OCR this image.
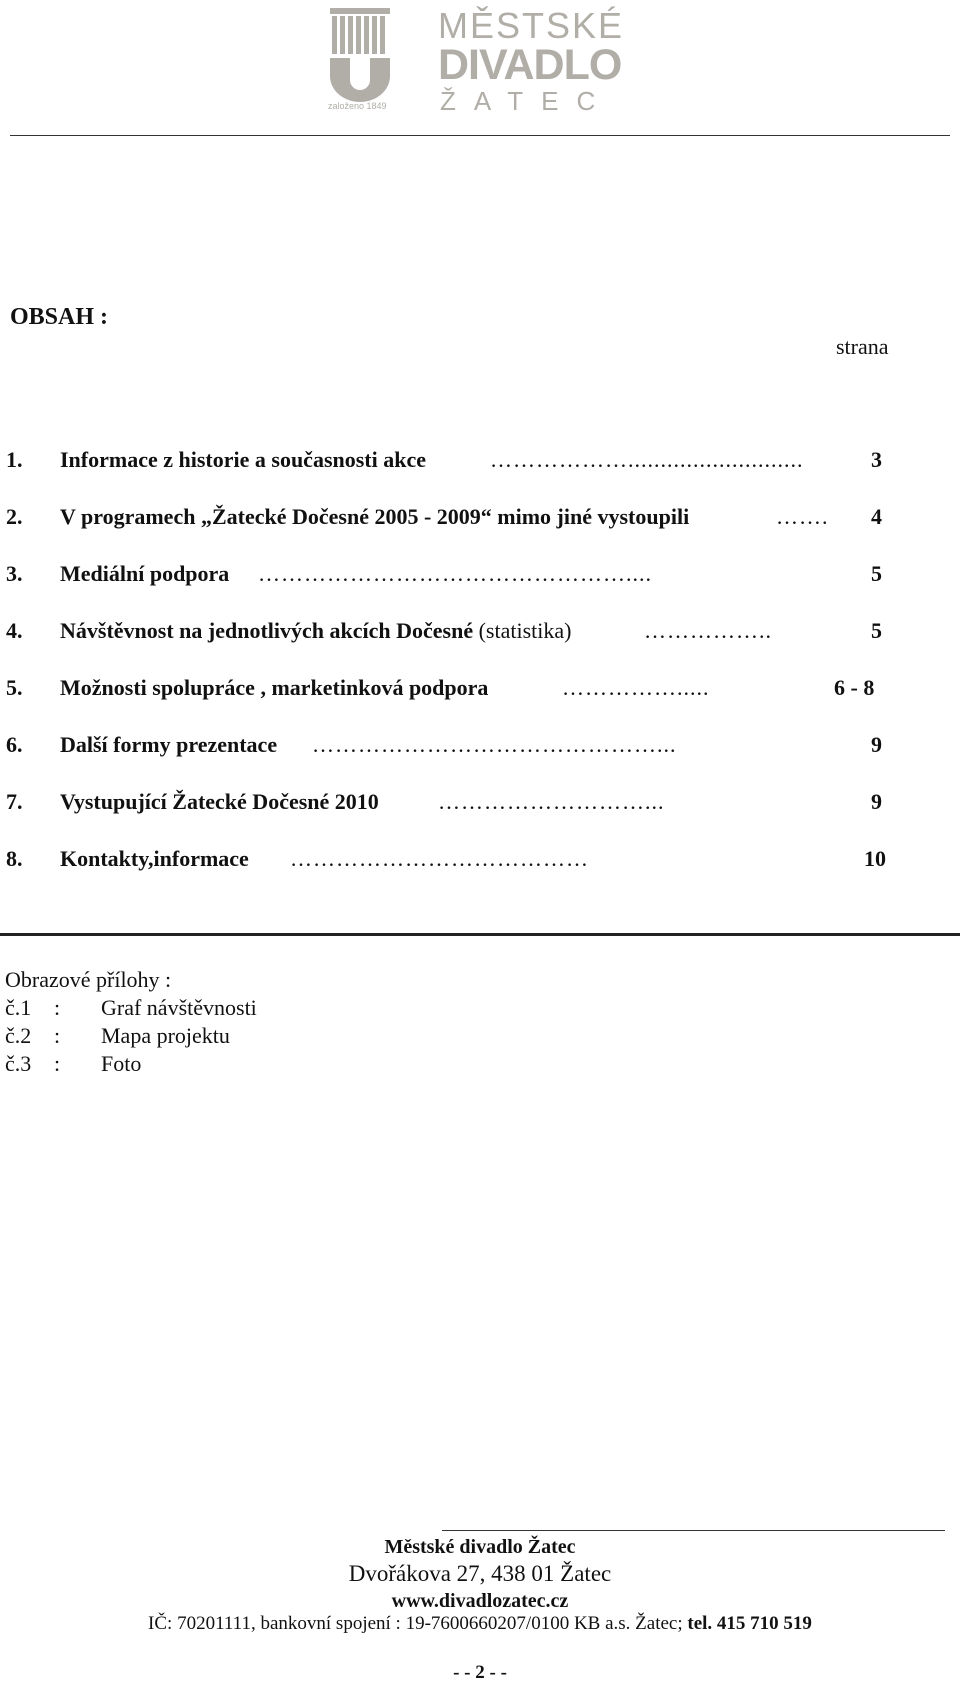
založeno 1849
MĚSTSKÉ
DIVADLO
ŽATEC
OBSAH :
strana
1. Informace z historie a současnosti akce	………………...........................	3
2. V programech „Žatecké Dočesné 2005 - 2009“ mimo jiné vystoupili	……. 4
3. Mediální podpora …………………………………………....	5
4. Návštěvnost na jednotlivých akcích Dočesné (statistika)	……………..	5
5. Možnosti spolupráce , marketinková podpora	…………….....	6 - 8
6. Další formy prezentace ………………………………………...	9
7. Vystupující Žatecké Dočesné 2010	………………………...	9
8. Kontakty,informace …………………………………	10
Obrazové přílohy :
č.1 : Graf návštěvnosti
č.2 : Mapa projektu
č.3 : Foto
Městské divadlo Žatec
Dvořákova 27, 438 01 Žatec
www.divadlozatec.cz
IČ: 70201111, bankovní spojení : 19-7600660207/0100 KB a.s. Žatec; tel. 415 710 519
- - 2 - -
